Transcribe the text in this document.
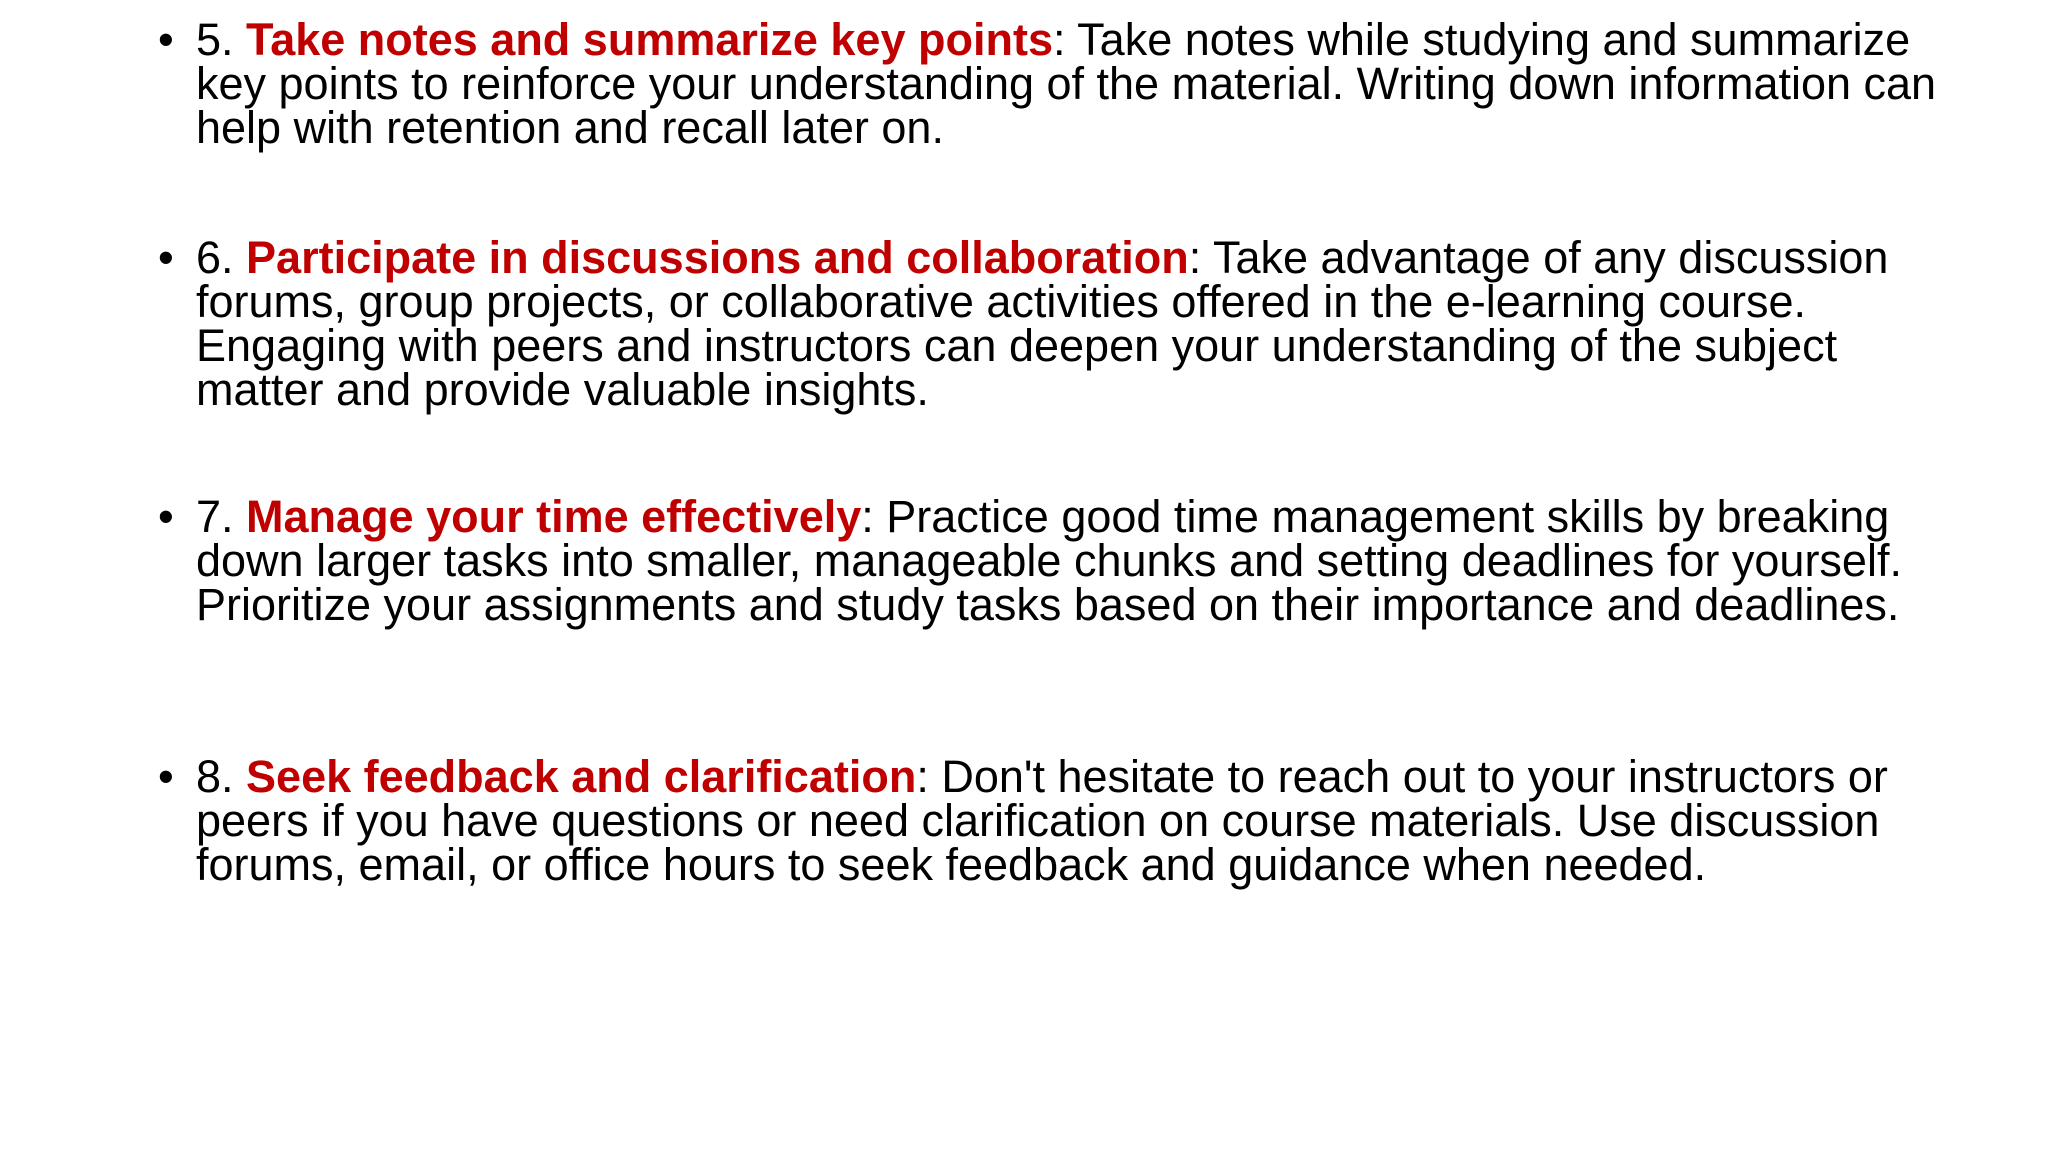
• 5. Take notes and summarize key points: Take notes while studying and summarize key points to reinforce your understanding of the material. Writing down information can help with retention and recall later on.
• 6. Participate in discussions and collaboration: Take advantage of any discussion forums, group projects, or collaborative activities offered in the e-learning course. Engaging with peers and instructors can deepen your understanding of the subject matter and provide valuable insights.
• 7. Manage your time effectively: Practice good time management skills by breaking down larger tasks into smaller, manageable chunks and setting deadlines for yourself. Prioritize your assignments and study tasks based on their importance and deadlines.
• 8. Seek feedback and clarification: Don't hesitate to reach out to your instructors or peers if you have questions or need clarification on course materials. Use discussion forums, email, or office hours to seek feedback and guidance when needed.
